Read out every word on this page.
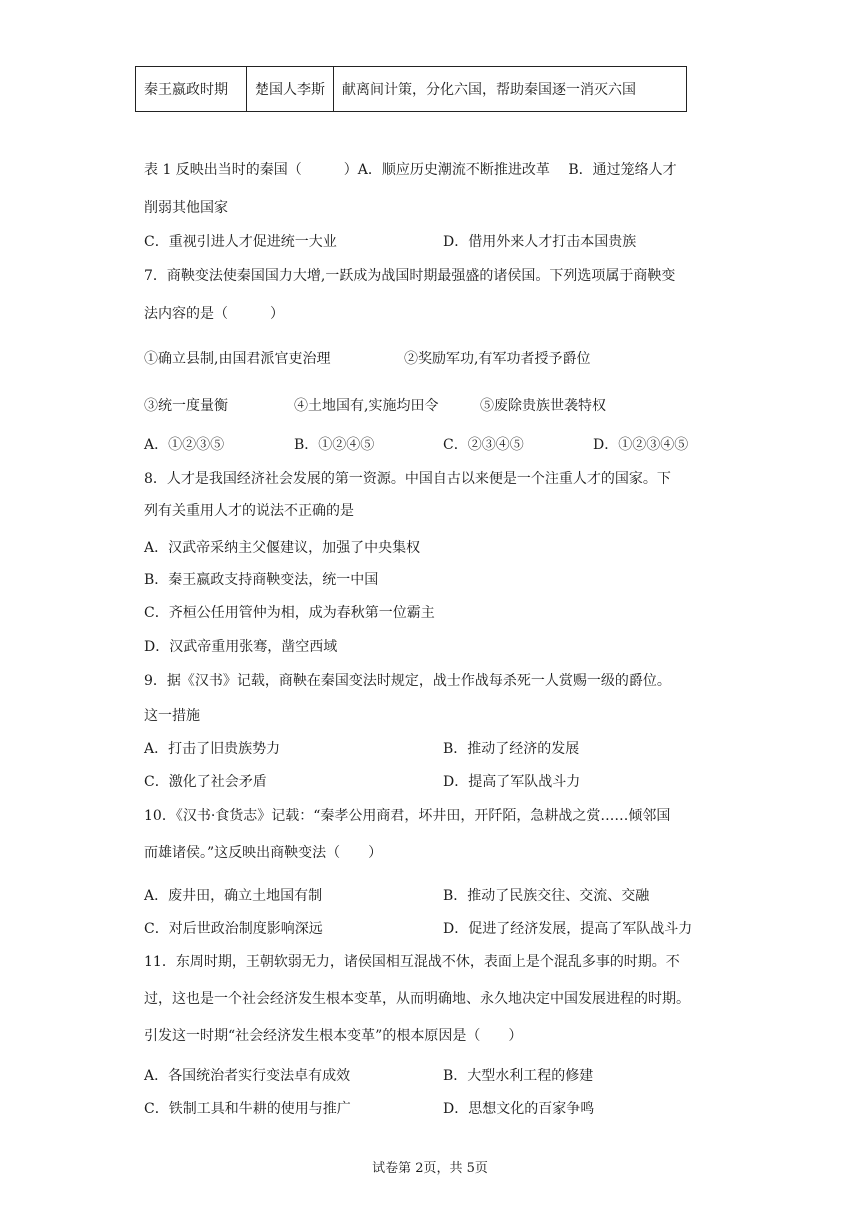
秦王嬴政时期	楚国人李斯	献离间计策，分化六国，帮助秦国逐一消灭六国
表 1 反映出当时的秦国（　　　）A．顺应历史潮流不断推进改革　 B．通过笼络人才
削弱其他国家
C．重视引进人才促进统一大业	D．借用外来人才打击本国贵族
7．商鞅变法使秦国国力大增,一跃成为战国时期最强盛的诸侯国。下列选项属于商鞅变
法内容的是（　　　）
①确立县制,由国君派官吏治理	②奖励军功,有军功者授予爵位
③统一度量衡	④土地国有,实施均田令	⑤废除贵族世袭特权
A．①②③⑤	B．①②④⑤	C．②③④⑤	D．①②③④⑤
8．人才是我国经济社会发展的第一资源。中国自古以来便是一个注重人才的国家。下
列有关重用人才的说法不正确的是
A．汉武帝采纳主父偃建议，加强了中央集权
B．秦王嬴政支持商鞅变法，统一中国
C．齐桓公任用管仲为相，成为春秋第一位霸主
D．汉武帝重用张骞，凿空西域
9．据《汉书》记载，商鞅在秦国变法时规定，战士作战每杀死一人赏赐一级的爵位。
这一措施
A．打击了旧贵族势力	B．推动了经济的发展
C．激化了社会矛盾	D．提高了军队战斗力
10．《汉书·食货志》记载：“秦孝公用商君，坏井田，开阡陌，急耕战之赏……倾邻国
而雄诸侯。”这反映出商鞅变法（　　）
A．废井田，确立土地国有制	B．推动了民族交往、交流、交融
C．对后世政治制度影响深远	D．促进了经济发展，提高了军队战斗力
11．东周时期，王朝软弱无力，诸侯国相互混战不休，表面上是个混乱多事的时期。不
过，这也是一个社会经济发生根本变革，从而明确地、永久地决定中国发展进程的时期。
引发这一时期“社会经济发生根本变革”的根本原因是（　　）
A．各国统治者实行变法卓有成效	B．大型水利工程的修建
C．铁制工具和牛耕的使用与推广	D．思想文化的百家争鸣
试卷第 2页，共 5页
